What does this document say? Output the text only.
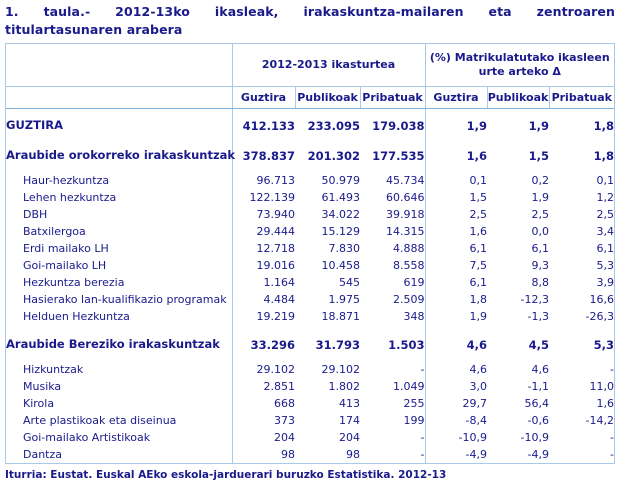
1. taula.- 2012-13ko ikasleak, irakaskuntza-mailaren eta zentroaren
titulartasunaren arabera
	2012-2013 ikasturtea			(%) Matrikulatutako ikasleen urte arteko Δ		
	Guztira	Publikoak	Pribatuak	Guztira	Publikoak	Pribatuak

GUZTIRA	412.133	233.095	179.038	1,9	1,9	1,8

Araubide orokorreko irakaskuntzak	378.837	201.302	177.535	1,6	1,5	1,8

Haur-hezkuntza	96.713	50.979	45.734	0,1	0,2	0,1
Lehen hezkuntza	122.139	61.493	60.646	1,5	1,9	1,2
DBH	73.940	34.022	39.918	2,5	2,5	2,5
Batxilergoa	29.444	15.129	14.315	1,6	0,0	3,4
Erdi mailako LH	12.718	7.830	4.888	6,1	6,1	6,1
Goi-mailako LH	19.016	10.458	8.558	7,5	9,3	5,3
Hezkuntza berezia	1.164	545	619	6,1	8,8	3,9
Hasierako lan-kualifikazio programak	4.484	1.975	2.509	1,8	-12,3	16,6
Helduen Hezkuntza	19.219	18.871	348	1,9	-1,3	-26,3

Araubide Bereziko irakaskuntzak	33.296	31.793	1.503	4,6	4,5	5,3

Hizkuntzak	29.102	29.102	-	4,6	4,6	-
Musika	2.851	1.802	1.049	3,0	-1,1	11,0
Kirola	668	413	255	29,7	56,4	1,6
Arte plastikoak eta diseinua	373	174	199	-8,4	-0,6	-14,2
Goi-mailako Artistikoak	204	204	-	-10,9	-10,9	-
Dantza	98	98	-	-4,9	-4,9	-
Iturria: Eustat. Euskal AEko eskola-jarduerari buruzko Estatistika. 2012-13
